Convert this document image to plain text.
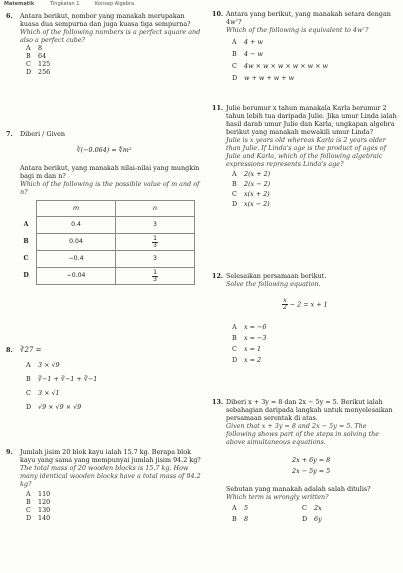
Matematik	Tingkatan 1	Konsep Algebra
6. Antara berikut, nombor yang manakah merupakan kuasa dua sempurna dan juga kuasa tiga sempurna?
Which of the following numbers is a perfect square and also a perfect cube?
A 8
B 64
C 125
D 256
7. Diberi / Given
∛(−0.064) = ∜m²
Antara berikut, yang manakah nilai-nilai yang mungkin bagi m dan n?
Which of the following is the possible value of m and of n?
	m	n
A	0.4	3
B	0.04	$\frac{1}{3}$

C	−0.4	3
D	−0.04	$\frac{1}{3}$
8. ∛27 =
A 3 × √9
B ∛−1 + ∛−1 + ∛−1
C 3 × √1
D √9 × √9 × √9
9. Jumlah jisim 20 blok kayu ialah 15.7 kg. Berapa blok kayu yang sama yang mempunyai jumlah jisim 94.2 kg?
The total mass of 20 wooden blocks is 15.7 kg. How many identical wooden blocks have a total mass of 94.2 kg?
A 110
B 120
C 130
D 140
10. Antara yang berikut, yang manakah setara dengan 4w⁷?
Which of the following is equivalent to 4w⁷?
A 4 + w
B 4 − w
C 4w × w × w × w × w × w
D w + w + w + w
11. Julie berumur x tahun manakala Karla berumur 2 tahun lebih tua daripada Julie. Jika umur Linda ialah hasil darab umur Julie dan Karla, ungkapan algebra berikut yang manakah mewakili umur Linda?
Julie is x years old whereas Karla is 2 years older than Julie. If Linda's age is the product of ages of Julie and Karla, which of the following algebraic expressions represents Linda's age?
A 2(x + 2)
B 2(x − 2)
C x(x + 2)
D x(x − 2)
12. Selesaikan persamaan berikut.
Solve the following equation.
$\frac{x}{2} - 2 = x + 1$
A x = −6
B x = −3
C x = 1
D x = 2
13. Diberi x + 3y = 8 dan 2x − 5y = 5. Berikut ialah sebahagian daripada langkah untuk menyelesaikan persamaan serentak di atas.
Given that x + 3y = 8 and 2x − 5y = 5. The following shows part of the steps in solving the above simultaneous equations.
2x + 6y = 8
2x − 5y = 5
Sebutan yang manakah adalah salah ditulis?
Which term is wrongly written?
A 5	C 2x
B 8	D 6y
